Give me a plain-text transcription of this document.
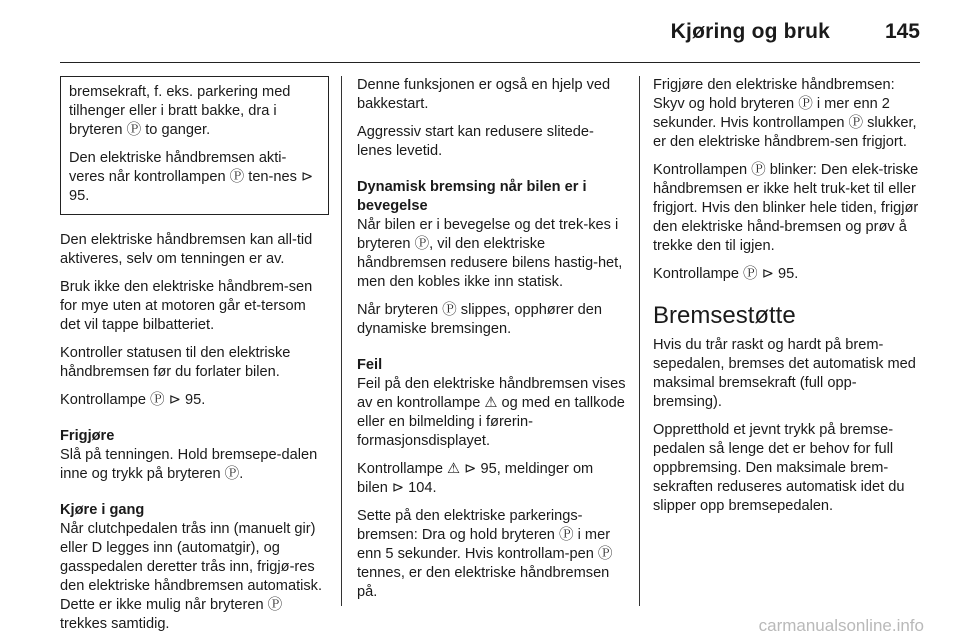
Kjøring og bruk	145

bremsekraft, f. eks. parkering med tilhenger eller i bratt bakke, dra i bryteren Ⓟ to ganger.

Den elektriske håndbremsen akti-veres når kontrollampen Ⓟ ten-nes ⊳ 95.

Den elektriske håndbremsen kan all-tid aktiveres, selv om tenningen er av.

Bruk ikke den elektriske håndbrem-sen for mye uten at motoren går et-tersom det vil tappe bilbatteriet.

Kontroller statusen til den elektriske håndbremsen før du forlater bilen.

Kontrollampe Ⓟ ⊳ 95.

Frigjøre

Slå på tenningen. Hold bremsepe-dalen inne og trykk på bryteren Ⓟ.

Kjøre i gang

Når clutchpedalen trås inn (manuelt gir) eller D legges inn (automatgir), og gasspedalen deretter trås inn, frigjø-res den elektriske håndbremsen automatisk. Dette er ikke mulig når bryteren Ⓟ trekkes samtidig.

Denne funksjonen er også en hjelp ved bakkestart.

Aggressiv start kan redusere slitede-lenes levetid.

Dynamisk bremsing når bilen er i bevegelse

Når bilen er i bevegelse og det trek-kes i bryteren Ⓟ, vil den elektriske håndbremsen redusere bilens hastig-het, men den kobles ikke inn statisk.

Når bryteren Ⓟ slippes, opphører den dynamiske bremsingen.

Feil

Feil på den elektriske håndbremsen vises av en kontrollampe ⚠ og med en tallkode eller en bilmelding i førerin-formasjonsdisplayet.

Kontrollampe ⚠ ⊳ 95, meldinger om bilen ⊳ 104.

Sette på den elektriske parkerings-bremsen: Dra og hold bryteren Ⓟ i mer enn 5 sekunder. Hvis kontrollam-pen Ⓟ tennes, er den elektriske håndbremsen på.

Frigjøre den elektriske håndbremsen: Skyv og hold bryteren Ⓟ i mer enn 2 sekunder. Hvis kontrollampen Ⓟ slukker, er den elektriske håndbrem-sen frigjort.

Kontrollampen Ⓟ blinker: Den elek-triske håndbremsen er ikke helt truk-ket til eller frigjort. Hvis den blinker hele tiden, frigjør den elektriske hånd-bremsen og prøv å trekke den til igjen.

Kontrollampe Ⓟ ⊳ 95.

Bremsestøtte

Hvis du trår raskt og hardt på brem-sepedalen, bremses det automatisk med maksimal bremsekraft (full opp-bremsing).

Oppretthold et jevnt trykk på bremse-pedalen så lenge det er behov for full oppbremsing. Den maksimale brem-sekraften reduseres automatisk idet du slipper opp bremsepedalen.

carmanualsonline.info
